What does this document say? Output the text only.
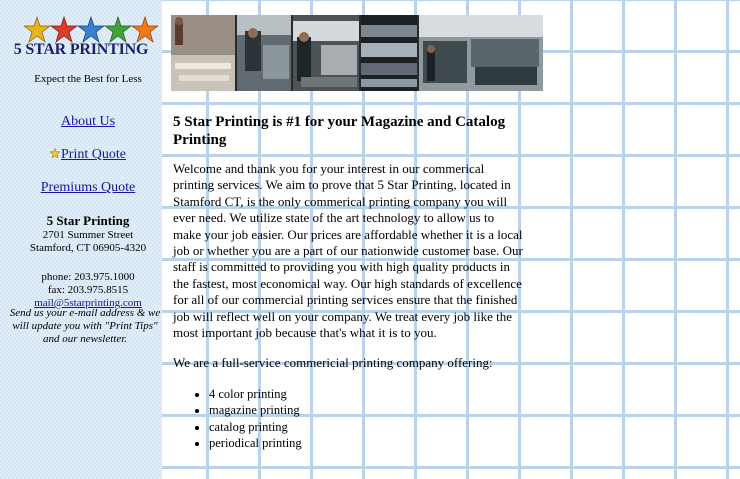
5 STAR PRINTING
Expect the Best for Less
About Us
Print Quote
Premiums Quote
5 Star Printing
2701 Summer Street
Stamford, CT 06905-4320
phone: 203.975.1000
fax: 203.975.8515
mail@5starprinting.com
Send us your e-mail address & we will update you with "Print Tips" and our newsletter.
5 Star Printing is #1 for your Magazine and Catalog Printing

Welcome and thank you for your interest in our commerical printing services. We aim to prove that 5 Star Printing, located in Stamford CT, is the only commerical printing company you will ever need. We utilize state of the art technology to allow us to make your job easier. Our prices are affordable whether it is a local job or whether you are a part of our nationwide customer base. Our staff is committed to providing you with high quality products in the fastest, most economical way. Our high standards of excellence for all of our commercial printing services ensure that the finished job will reflect well on your company. We treat every job like the most important job because that's what it is to you.

We are a full-service commericial printing company offering:

• 4 color printing
• magazine printing
• catalog printing
• periodical printing
